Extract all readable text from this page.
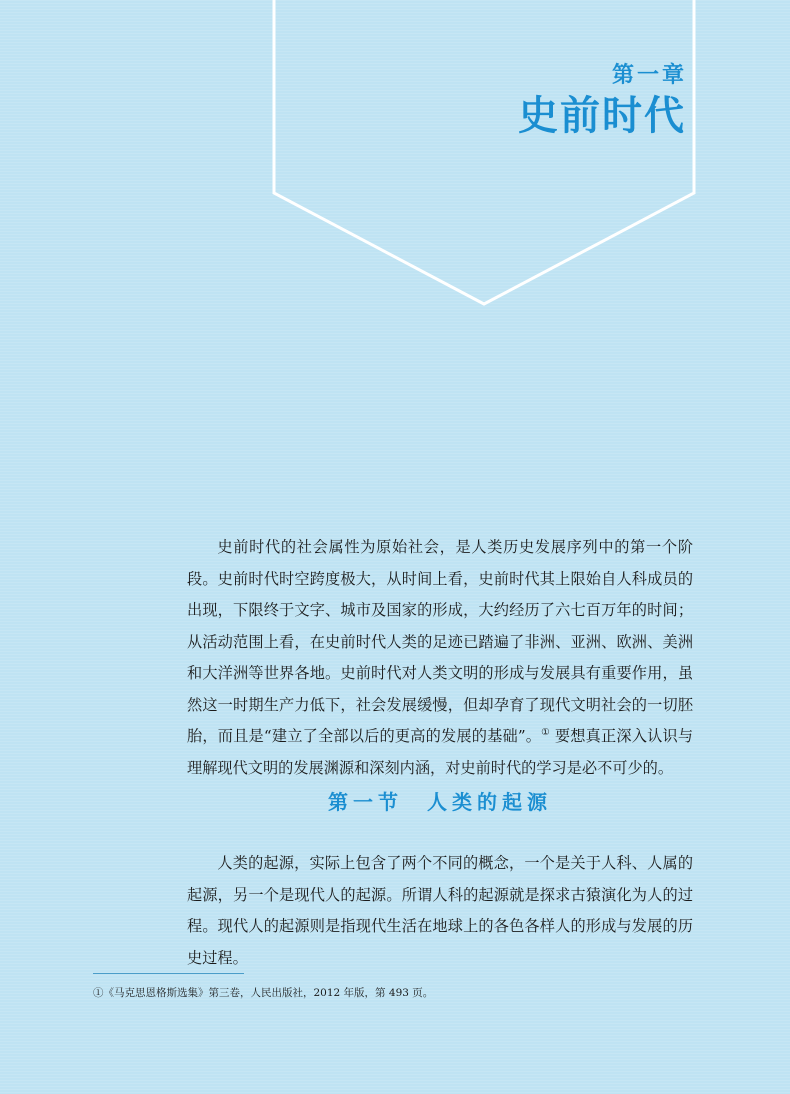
第一章
史前时代

史前时代的社会属性为原始社会，是人类历史发展序列中的第一个阶段。史前时代时空跨度极大，从时间上看，史前时代其上限始自人科成员的出现，下限终于文字、城市及国家的形成，大约经历了六七百万年的时间；从活动范围上看，在史前时代人类的足迹已踏遍了非洲、亚洲、欧洲、美洲和大洋洲等世界各地。史前时代对人类文明的形成与发展具有重要作用，虽然这一时期生产力低下，社会发展缓慢，但却孕育了现代文明社会的一切胚胎，而且是“建立了全部以后的更高的发展的基础”。① 要想真正深入认识与理解现代文明的发展渊源和深刻内涵，对史前时代的学习是必不可少的。

第一节  人类的起源

人类的起源，实际上包含了两个不同的概念，一个是关于人科、人属的起源，另一个是现代人的起源。所谓人科的起源就是探求古猿演化为人的过程。现代人的起源则是指现代生活在地球上的各色各样人的形成与发展的历史过程。

①《马克思恩格斯选集》第三卷，人民出版社，2012 年版，第 493 页。
